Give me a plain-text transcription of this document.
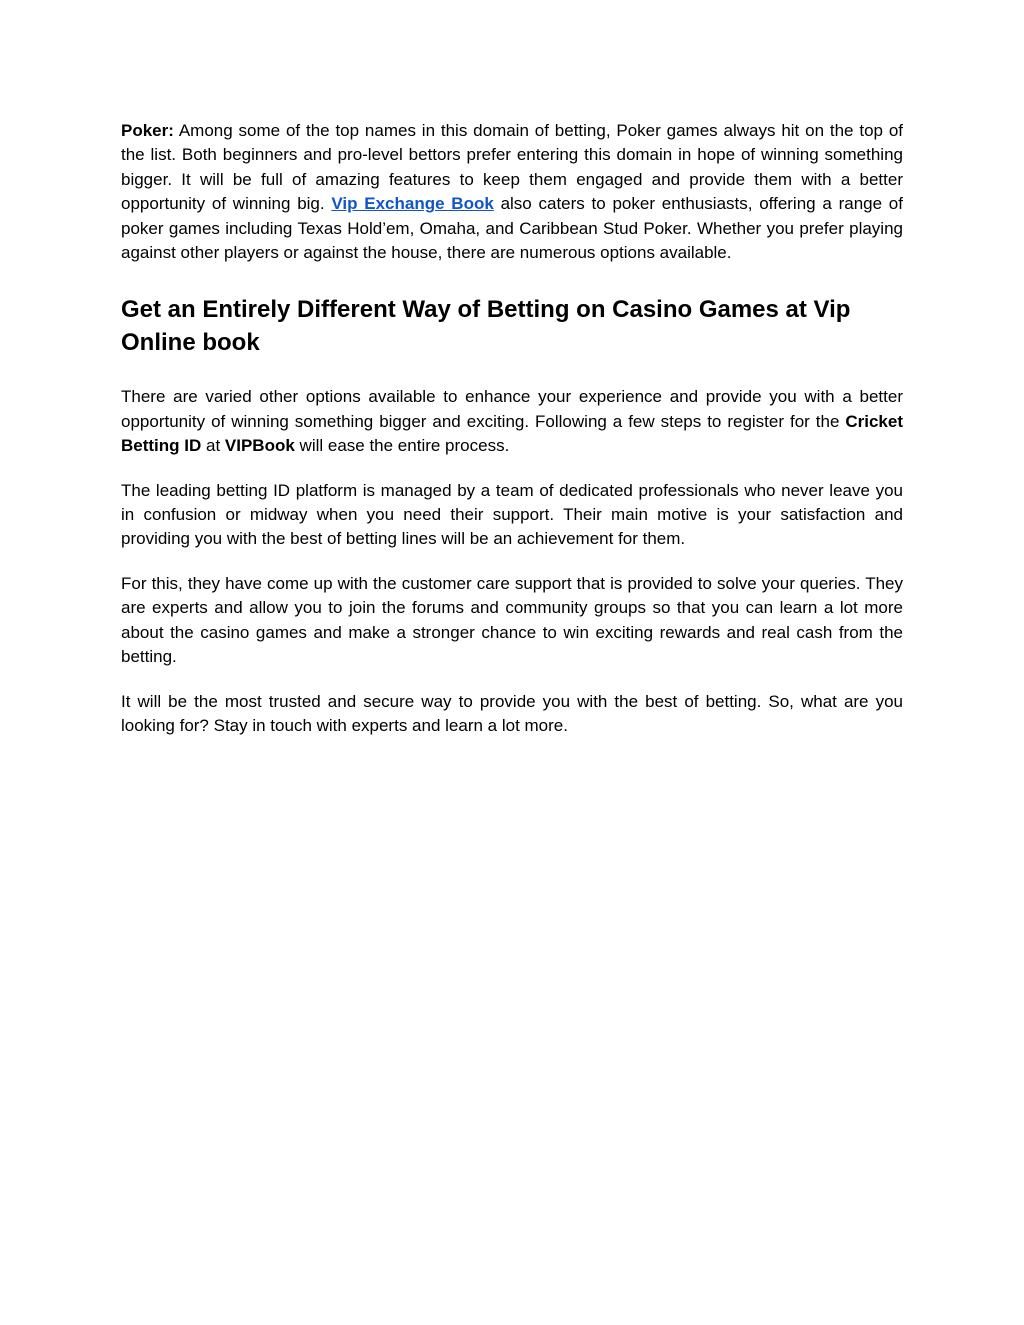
Poker: Among some of the top names in this domain of betting, Poker games always hit on the top of the list. Both beginners and pro-level bettors prefer entering this domain in hope of winning something bigger. It will be full of amazing features to keep them engaged and provide them with a better opportunity of winning big. Vip Exchange Book also caters to poker enthusiasts, offering a range of poker games including Texas Hold’em, Omaha, and Caribbean Stud Poker. Whether you prefer playing against other players or against the house, there are numerous options available.

Get an Entirely Different Way of Betting on Casino Games at Vip Online book

There are varied other options available to enhance your experience and provide you with a better opportunity of winning something bigger and exciting. Following a few steps to register for the Cricket Betting ID at VIPBook will ease the entire process.

The leading betting ID platform is managed by a team of dedicated professionals who never leave you in confusion or midway when you need their support. Their main motive is your satisfaction and providing you with the best of betting lines will be an achievement for them.

For this, they have come up with the customer care support that is provided to solve your queries. They are experts and allow you to join the forums and community groups so that you can learn a lot more about the casino games and make a stronger chance to win exciting rewards and real cash from the betting.

It will be the most trusted and secure way to provide you with the best of betting. So, what are you looking for? Stay in touch with experts and learn a lot more.
